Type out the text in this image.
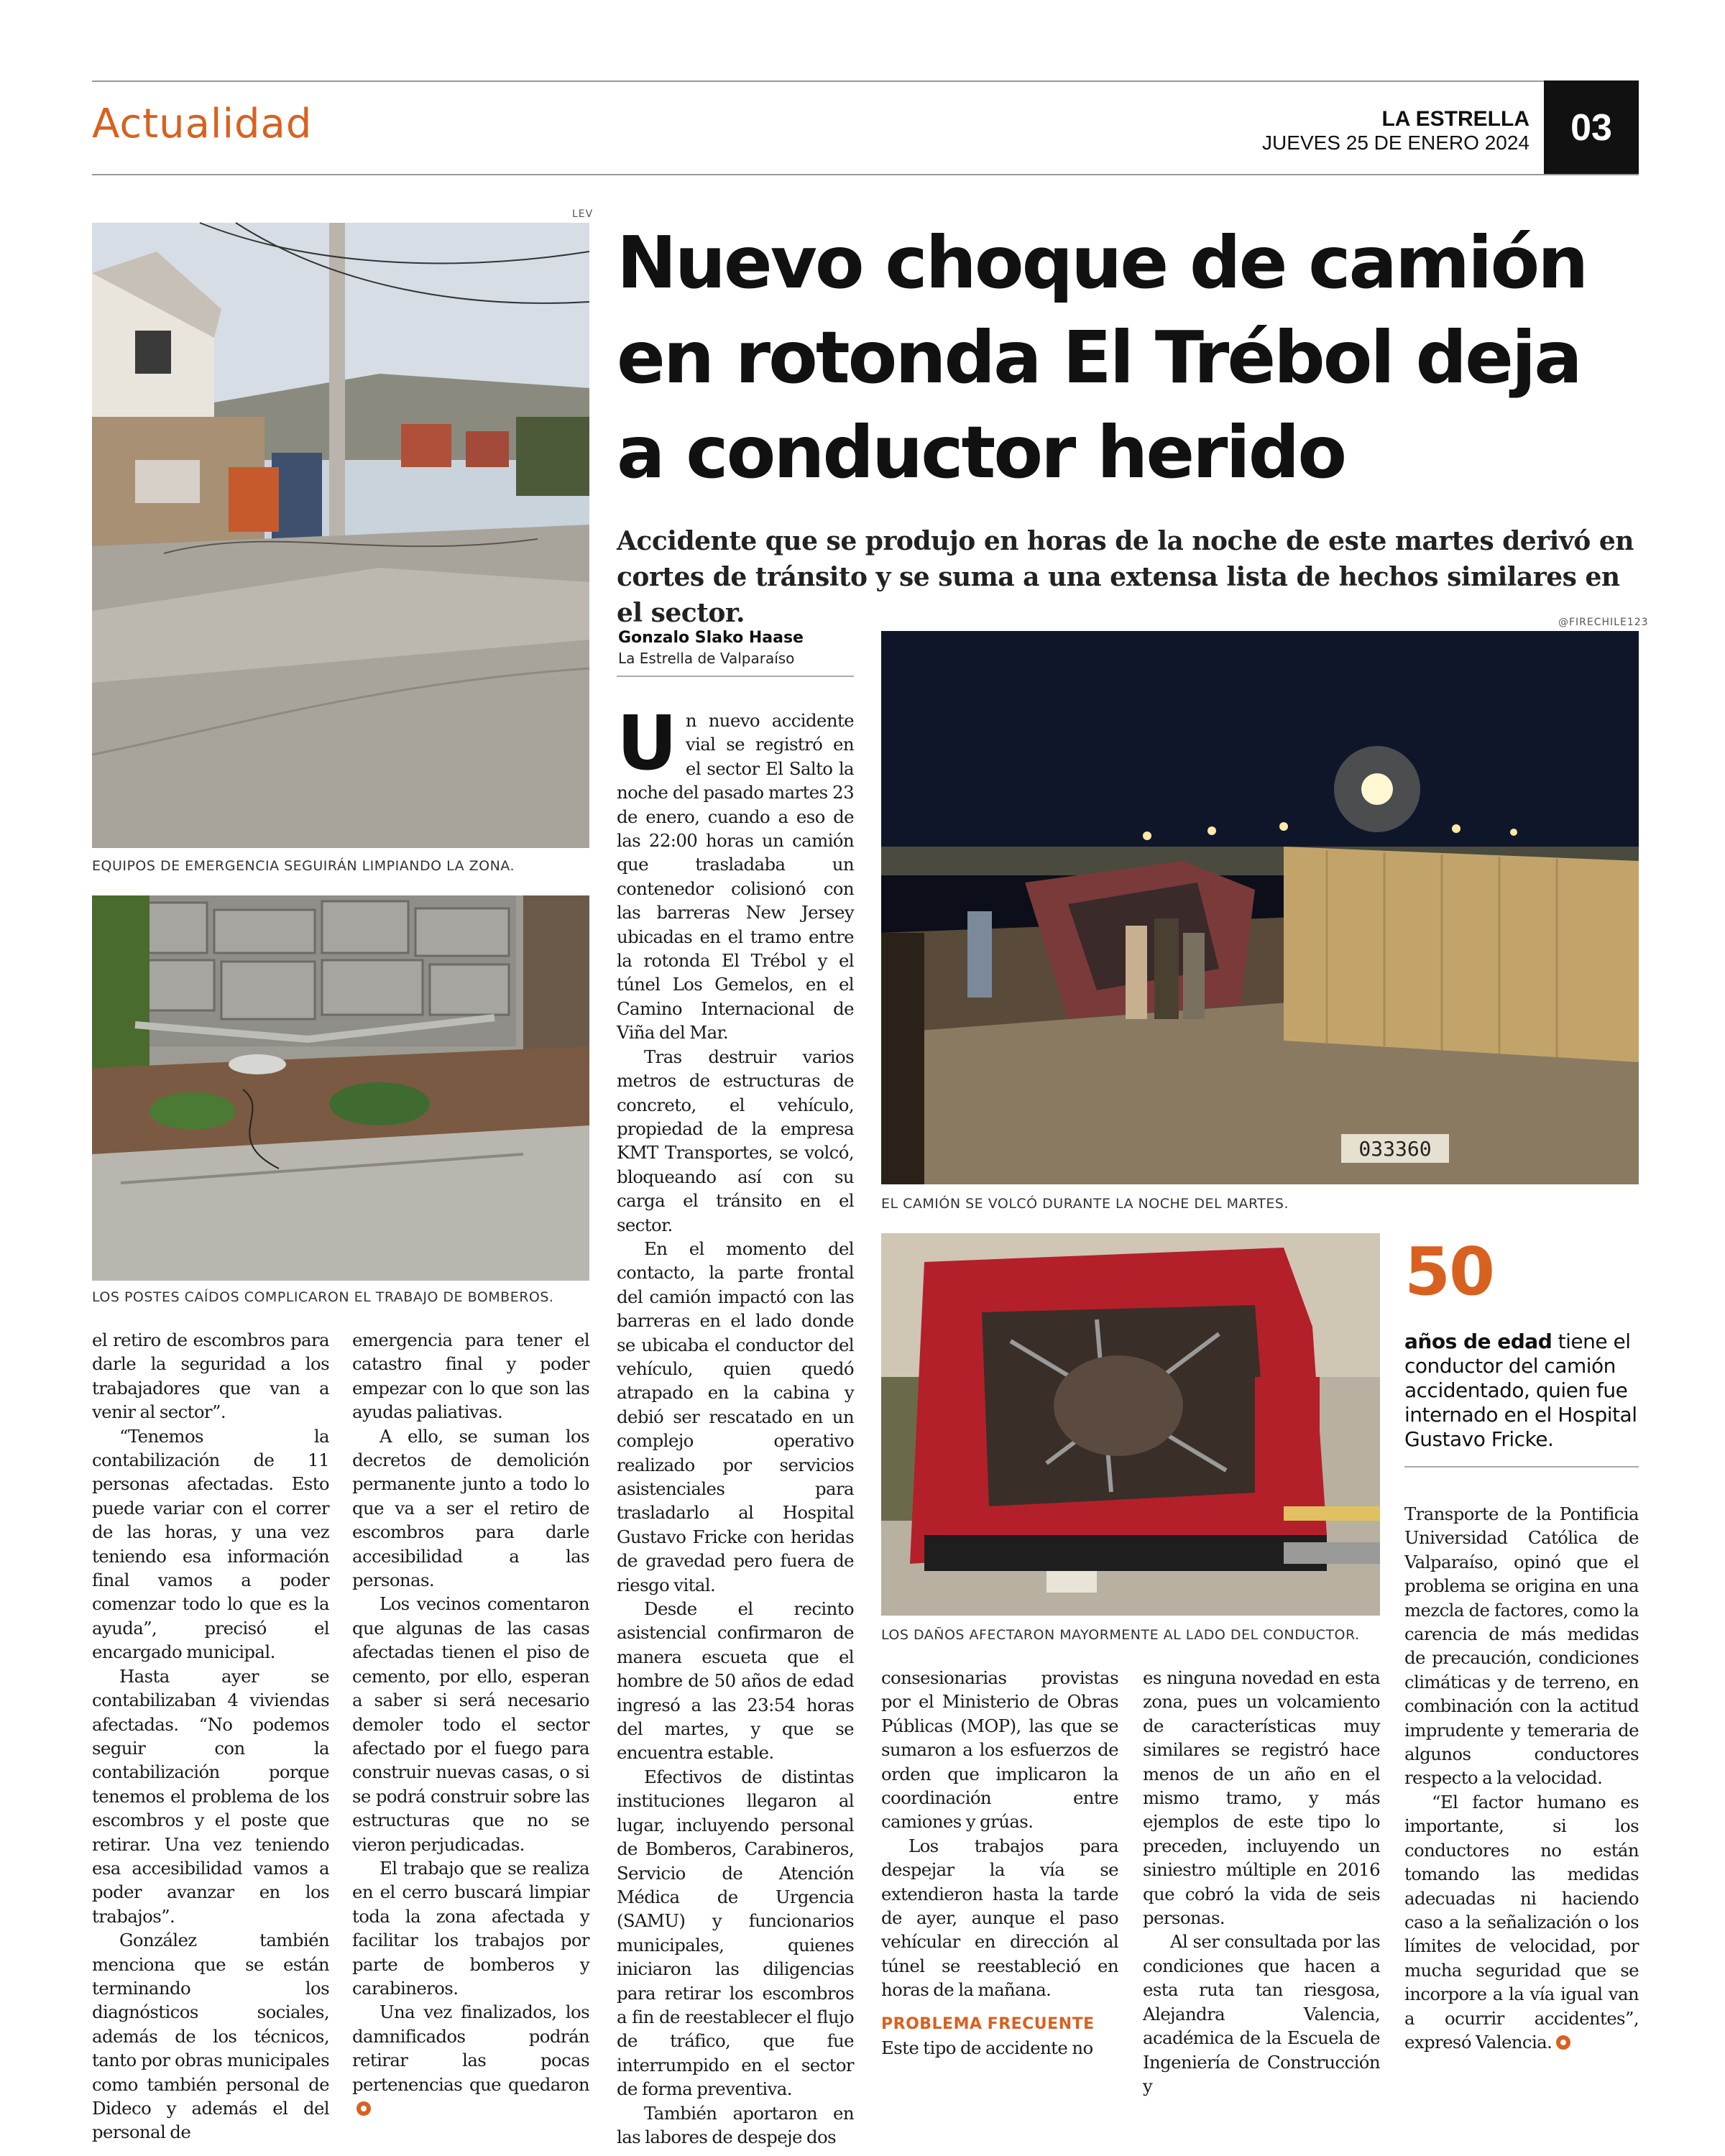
Actualidad	LA ESTRELLA
JUEVES 25 DE ENERO 2024	03
LEV
EQUIPOS DE EMERGENCIA SEGUIRÁN LIMPIANDO LA ZONA.
LOS POSTES CAÍDOS COMPLICARON EL TRABAJO DE BOMBEROS.
Nuevo choque de camión en rotonda El Trébol deja a conductor herido
Accidente que se produjo en horas de la noche de este martes derivó en cortes de tránsito y se suma a una extensa lista de hechos similares en el sector.
Gonzalo Slako Haase
La Estrella de Valparaíso
@FIRECHILE123
033360
EL CAMIÓN SE VOLCÓ DURANTE LA NOCHE DEL MARTES.
LOS DAÑOS AFECTARON MAYORMENTE AL LADO DEL CONDUCTOR.
50
años de edad tiene el conductor del camión accidentado, quien fue internado en el Hospital Gustavo Fricke.

Un nuevo accidente vial se registró en el sector El Salto la noche del pasado martes 23 de enero, cuando a eso de las 22:00 horas un camión que trasladaba un contenedor colisionó con las barreras New Jersey ubicadas en el tramo entre la rotonda El Trébol y el túnel Los Gemelos, en el Camino Internacional de Viña del Mar.

Tras destruir varios metros de estructuras de concreto, el vehículo, propiedad de la empresa KMT Transportes, se volcó, bloqueando así con su carga el tránsito en el sector.

En el momento del contacto, la parte frontal del camión impactó con las barreras en el lado donde se ubicaba el conductor del vehículo, quien quedó atrapado en la cabina y debió ser rescatado en un complejo operativo realizado por servicios asistenciales para trasladarlo al Hospital Gustavo Fricke con heridas de gravedad pero fuera de riesgo vital.

Desde el recinto asistencial confirmaron de manera escueta que el hombre de 50 años de edad ingresó a las 23:54 horas del martes, y que se encuentra estable.

Efectivos de distintas instituciones llegaron al lugar, incluyendo personal de Bomberos, Carabineros, Servicio de Atención Médica de Urgencia (SAMU) y funcionarios municipales, quienes iniciaron las diligencias para retirar los escombros a fin de reestablecer el flujo de tráfico, que fue interrumpido en el sector de forma preventiva.

También aportaron en las labores de despeje dos

el retiro de escombros para darle la seguridad a los trabajadores que van a venir al sector”.

“Tenemos la contabilización de 11 personas afectadas. Esto puede variar con el correr de las horas, y una vez teniendo esa información final vamos a poder comenzar todo lo que es la ayuda”, precisó el encargado municipal.

Hasta ayer se contabilizaban 4 viviendas afectadas. “No podemos seguir con la contabilización porque tenemos el problema de los escombros y el poste que retirar. Una vez teniendo esa accesibilidad vamos a poder avanzar en los trabajos”.

González también menciona que se están terminando los diagnósticos sociales, además de los técnicos, tanto por obras municipales como también personal de Dideco y además el del personal de

emergencia para tener el catastro final y poder empezar con lo que son las ayudas paliativas.

A ello, se suman los decretos de demolición permanente junto a todo lo que va a ser el retiro de escombros para darle accesibilidad a las personas.

Los vecinos comentaron que algunas de las casas afectadas tienen el piso de cemento, por ello, esperan a saber si será necesario demoler todo el sector afectado por el fuego para construir nuevas casas, o si se podrá construir sobre las estructuras que no se vieron perjudicadas.

El trabajo que se realiza en el cerro buscará limpiar toda la zona afectada y facilitar los trabajos por parte de bomberos y carabineros.

Una vez finalizados, los damnificados podrán retirar las pocas pertenencias que quedaron

consesionarias provistas por el Ministerio de Obras Públicas (MOP), las que se sumaron a los esfuerzos de orden que implicaron la coordinación entre camiones y grúas.

Los trabajos para despejar la vía se extendieron hasta la tarde de ayer, aunque el paso vehícular en dirección al túnel se reestableció en horas de la mañana.

PROBLEMA FRECUENTE

Este tipo de accidente no

es ninguna novedad en esta zona, pues un volcamiento de características muy similares se registró hace menos de un año en el mismo tramo, y más ejemplos de este tipo lo preceden, incluyendo un siniestro múltiple en 2016 que cobró la vida de seis personas.

Al ser consultada por las condiciones que hacen a esta ruta tan riesgosa, Alejandra Valencia, académica de la Escuela de Ingeniería de Construcción y

Transporte de la Pontificia Universidad Católica de Valparaíso, opinó que el problema se origina en una mezcla de factores, como la carencia de más medidas de precaución, condiciones climáticas y de terreno, en combinación con la actitud imprudente y temeraria de algunos conductores respecto a la velocidad.

“El factor humano es importante, si los conductores no están tomando las medidas adecuadas ni haciendo caso a la señalización o los límites de velocidad, por mucha seguridad que se incorpore a la vía igual van a ocurrir accidentes”, expresó Valencia.
